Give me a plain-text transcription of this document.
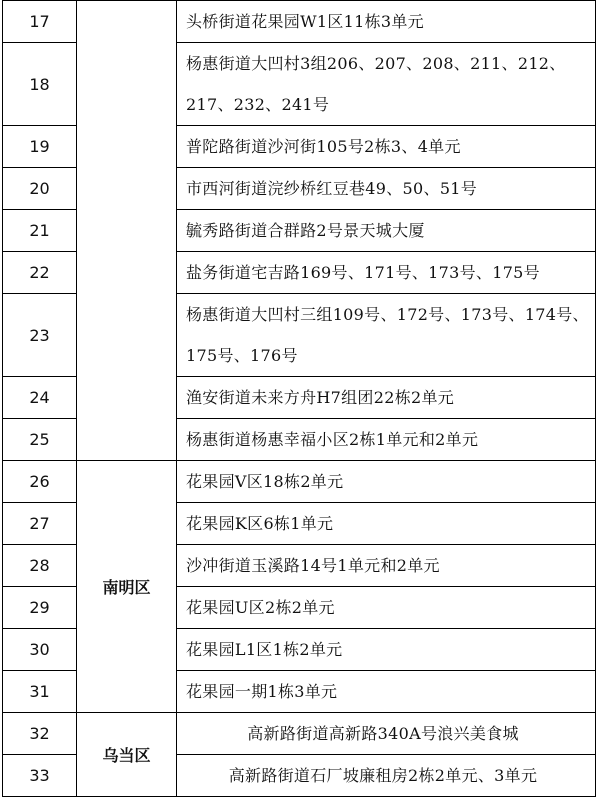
17		头桥街道花果园W1区11栋3单元
18		杨惠街道大凹村3组206、207、208、211、212、217、232、241号
19		普陀路街道沙河街105号2栋3、4单元
20		市西河街道浣纱桥红豆巷49、50、51号
21		毓秀路街道合群路2号景天城大厦
22		盐务街道宅吉路169号、171号、173号、175号
23		杨惠街道大凹村三组109号、172号、173号、174号、175号、176号
24		渔安街道未来方舟H7组团22栋2单元
25		杨惠街道杨惠幸福小区2栋1单元和2单元
26	南明区	花果园V区18栋2单元
27		花果园K区6栋1单元
28		沙冲街道玉溪路14号1单元和2单元
29		花果园U区2栋2单元
30		花果园L1区1栋2单元
31		花果园一期1栋3单元
32	乌当区	高新路街道高新路340A号浪兴美食城
33		高新路街道石厂坡廉租房2栋2单元、3单元
